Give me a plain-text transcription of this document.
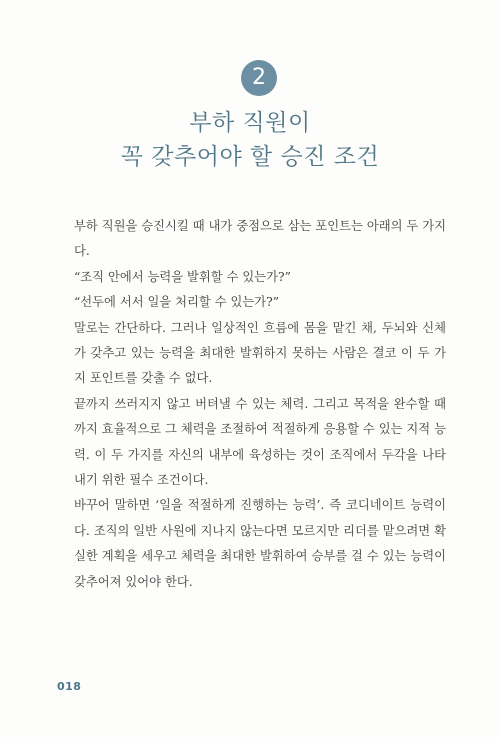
2
부하 직원이
꼭 갖추어야 할 승진 조건

부하 직원을 승진시킬 때 내가 중점으로 삼는 포인트는 아래의 두 가지다.

“조직 안에서 능력을 발휘할 수 있는가?”

“선두에 서서 일을 처리할 수 있는가?”

말로는 간단하다. 그러나 일상적인 흐름에 몸을 맡긴 채, 두뇌와 신체가 갖추고 있는 능력을 최대한 발휘하지 못하는 사람은 결코 이 두 가지 포인트를 갖출 수 없다.

끝까지 쓰러지지 않고 버텨낼 수 있는 체력. 그리고 목적을 완수할 때까지 효율적으로 그 체력을 조절하여 적절하게 응용할 수 있는 지적 능력. 이 두 가지를 자신의 내부에 육성하는 것이 조직에서 두각을 나타내기 위한 필수 조건이다.

바꾸어 말하면 ‘일을 적절하게 진행하는 능력’. 즉 코디네이트 능력이다. 조직의 일반 사원에 지나지 않는다면 모르지만 리더를 맡으려면 확실한 계획을 세우고 체력을 최대한 발휘하여 승부를 걸 수 있는 능력이 갖추어져 있어야 한다.

018
